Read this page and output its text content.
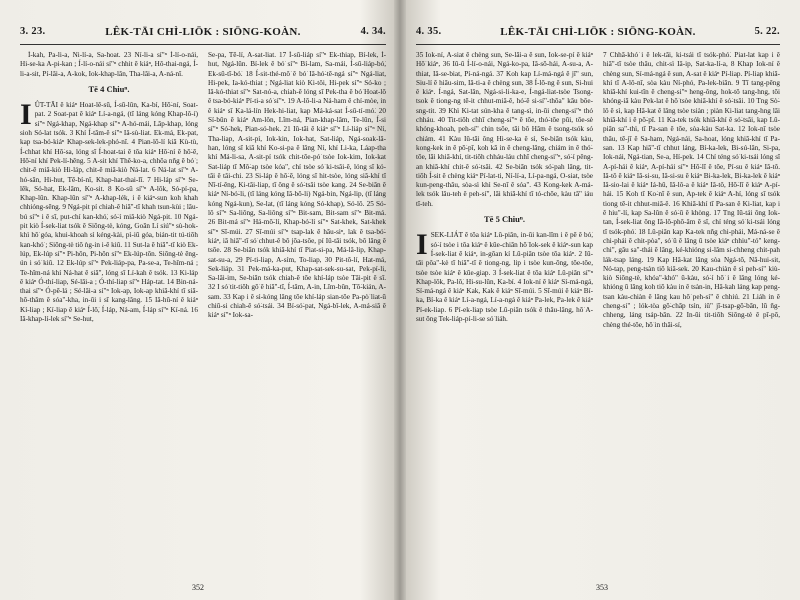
3. 23.	LÊK-TĀI CHÌ-LIŌK : SIŌNG-KOÀN.	4. 34.

Í-kah, Pa-li-a, Ni-lí-a, Sa-hoat. 23 Ní-li-a sí"ⁿ Í-lí-o-nái, Hi-se-ka A-pi-kan ; Í-lí-o-nái sí"ⁿ chhit ê kiáⁿ, Hô-thai-ngá, Í-li-a-sit, Pí-lâi-a, A-kok, Iok-khap-lân, Tha-lâi-a, A-ná-nî.

Tē 4 Chiuⁿ.

IÛT-TĀI ê kiáⁿ Hoat-lê-sū, Í-sū-lûn, Ka-bí, Hō͘-ní, Soat-pat. 2 Soat-pat ê kiáⁿ Lí-a-ngá, (tī láng kóng Khap-lô-í) sí"ⁿ Ngá-khap, Ngá-khap sí"ⁿ A-hó-mái, Lāp-khap, lóng sioh Só-lat tsók. 3 Khí Í-tām-ê sí"ⁿ Iâ-sù-liat. Ek-má, Ek-pat, kap tsa-bó-kiáⁿ Khap-sek-lek-phó-nî. 4 Pian-lō-lí kiā Kù-tù, Í-chhat khí Hō͘-sa, lóng sī Í-hoat-tai ê tōa kiáⁿ Hō͘-ní ê hō͘-ē, Hō͘-ní khí Pek-lí-hêng. 5 A-sit khí Thê-ko-a, chhōa nñg ê bó͘ ; chit-ê miâ-kiò Hi-láp, chit-ê miâ-kiò Ná-lat. 6 Ná-lat sí"ⁿ A-hó-sān, Hi-hut, Tē-bí-nî, Khap-hat-thai-lī. 7 Hi-láp sí"ⁿ Se-lêk, Só-hat, Ek-lâm, Ko-sit. 8 Ko-sū sí"ⁿ A-lôk, Só-pí-pa, Khap-lûn. Khap-lûn sí"ⁿ A-khap-lék, i ê kiáⁿ-sun koh khah chhióng-sēng. 9 Ngá-pit pí chiah-ê hiā"-tī khah tsun-kùi ; lâu-bú sí"ⁿ i ê sī, put-chí kan-khó͘, só͘-í miâ-kiò Ngá-pit. 10 Ngá-pit kiò Í-sek-liat tsók ê Siōng-tè, kóng, Goān Lí siú"ⁿ sù-hok-khì hō͘ góa, khui-khoah sì kéng-kài, pì-iū góa, bián-tit tú-tiōh kan-khó͘ ; Siōng-tè tiō ǹg-in i-ê kiû. 11 Sut-la ê hiā"-tī kiò Ek-lúp, Ek-lúp sí"ⁿ Pi-hôn, Pi-hôn sí"ⁿ Ek-lúp-tōn. Siōng-tè ēng-ún i só͘ kiû. 12 Ek-lúp sí"ⁿ Pek-liáp-pa, Pa-se-a, Te-hîm-ná ; Te-hîm-ná khí Ná-hat ê siā", lóng sī Lí-kah ê tsók. 13 Ki-láp ê kiáⁿ Ó-thí-liap, Sé-lâi-a ; Ó-thí-liap sí"ⁿ Háp-tat. 14 Bin-ná-thai sí"ⁿ Ó-pē-lá ; Sé-lâi-a sí"ⁿ Iok-ap, Iok-ap khiā-khí tī siā-hō-thâm ê sóa"-kha, in-ūi i sī kang-lâng. 15 Iâ-hū-ní ê kiáⁿ Kí-liap ; Kí-liap ê kiáⁿ Í-lō͘, Í-láp, Ná-am, Í-láp sí"ⁿ Kí-ná. 16 Iâ-khap-lí-lek sí"ⁿ Se-hut,

Se-pa, Tē-lí, A-sat-liat. 17 Í-sū-liáp sí"ⁿ Ek-thiap, Bí-lek, Í-hut, Ngá-lûn. Bí-lek ê bó͘ sí"ⁿ Bí-lam, Sa-mái, Í-sū-liáp-bó͘, Ek-sū-tī-bó͘. 18 Í-sit-thé-mô͘ ê bó͘ Iâ-hó͘-tē-ngá sí"ⁿ Ngá-liat, Hi-pek, Ia-kó-thiat ; Ngá-liat kiò Ki-tôi, Hi-pek sí"ⁿ Só-ko ; Iâ-kó-thiat sí"ⁿ Sat-nó-a, chiah-ê lóng sī Pek-tha ê bó͘ Hoat-lō ê tsa-bó-kiáⁿ Pí-ti-a só͘ sí"ⁿ. 19 A-lō-li-a Ná-ham ê chí-mòe, in ê kiáⁿ sī Ka-lá-lín Hek-hi-liat, kap Má-ká-sat Í-sū-tí-mó͘. 20 Sí-bûn ê kiáⁿ Am-lôn, Lîm-ná, Pian-khap-lâm, Te-lûn, Í-si sí"ⁿ Só͘-hek, Pian-só-hek. 21 Iû-tāi ê kiáⁿ sí"ⁿ Lí-liáp sí"ⁿ Ní, Tha-liap, A-sit-pí, Iok-kin, Iok-hat, Sat-liáp, Ngá-soak-lâ-han, lóng sī kiā khí Ko-si-pa ê lâng Ní, khí Li-ka, Láap-tha khí Má-li-sa, A-sit-pí tsók chit-tōe-pó͘ tsòe Iok-kim, Iok-kat Sat-liáp tī Mô͘-ap tsòe kóa", chí tsòe só͘ ki-tsâi-ê, lóng sī kó-tāi ê tâi-chi. 23 Si-láp ê hō͘-ē, lóng sī hit-tsòe, lóng siā-khí tī Nî-tí-êng, Ki-tāi-liap, tī ông ê só͘-tsâi tsòe kang. 24 Se-biān ê kiáⁿ Ní-bó͘-li, (tī láng kóng Iâ-bô-li) Ngá-bin, Ngá-lip, (tī láng kóng Ngá-kun), Se-lat, (tī láng kóng Só-khap), Só-lô. 25 Só-lô sí"ⁿ Sa-liông, Sa-liông sí"ⁿ Bit-sam, Bit-sam sí"ⁿ Bit-má. 26 Bit-má sí"ⁿ Há-mō͘-lí, Khap-bó͘-lí sí"ⁿ Sat-khek, Sat-khek sí"ⁿ Sī-múi. 27 Sī-múi sí"ⁿ tsap-lak ê hāu-siⁿ, lak ê tsa-bó͘-kiáⁿ, iā hiā"-tī só͘ chhut-ê bô jōa-tsōe, pí Iû-tāi tsók, bô lâng ê tsōe. 28 Se-biān tsók khiā-khí tī Piat-si-pa, Má-lâ-lip, Khap-sat-su-a, 29 Pí-ti-liap, A-sím, To-liap, 30 Pit-tō-lí, Hat-má, Sek-liáp. 31 Pek-má-ka-put, Khap-sat-sek-su-sat, Pek-pí-li, Sa-lâi-im, Se-biān tsók chiah-ê tōe khí-láp tsòe Tāi-pit ê sī. 32 I só͘ tit-tiōh gō͘ ê hiā"-tī, Í-tâm, A-in, Lîm-bûn, Tō͘-kián, A-sam. 33 Kap i ê sì-kóng lâng tōe khí-láp sian-tōe Pa-pò͘ liat-ū chiū-si chiah-ê só͘-tsái. 34 Bí-só͘-pat, Ngá-bî-lek, A-má-siā ê kiáⁿ sí"ⁿ Iok-sa-

352
4. 35.	LÊK-TĀI CHÌ-LIŌK : SIŌNG-KOÀN.	5. 22.

35 Iok-ní, A-siat ê chèng sun, Se-lāi-a ê sun, Iok-se-pí ê kiáⁿ Hō͘ kiáⁿ, 36 Iû-ū Í-lí-o-nái, Ngá-ko-pa, Iâ-sō-hái, A-su-a, A-thiat, Iâ-se-biat, Pí-ná-ngá. 37 Koh kap Lí-má-ngá ê jī" sun, Siu-lí ê hiāu-sim, Iâ-ti-a ê chèng sun, 38 Í-lō-ng ê sun, Si-hui ê kiáⁿ. Í-ngá, Sat-lân, Ngá-si-li-ka-e, Í-ngá-liat-tsòe Tsong-tsok ê tiong-ng tē-it chhut-miâ-ê, hó͘-ē si-sí"-thōa" kāu bōe-sng-tit. 39 Khì Ki-tat sún-kha ê tang-sì, in-ūi cheng-si"ⁿ thó chháu. 40 Tit-tiōh chhī cheng-sí"ⁿ ê tōe, thó͘-tōe pūi, tōe-sè khóng-khoah, peh-sí" chin tsōe, tāi bô Hâm ê tsong-tsók só͘ chiám. 41 Kàu Iû-tāi ông Hi-se-ka ê sì, Se-biān tsók kàu, kong-kek in ê pō͘-pī, koh kā in ê cheng-lâng, chiám in ê thó͘-tōe, lāi khiā-khí, tit-tiōh chháu-láu chhī cheng-si"ⁿ, só͘-í pêng-an khiā-khí chit-ê só͘-tsâi. 42 Se-biān tsók só͘-pah lâng, tit-tiōh Í-sit ê chèng kiáⁿ Pí-lat-ti, Ní-lí-a, Lí-pa-ngá, O-siat, tsòe kun-peng-thâu, sòa-sì khì Se-nī ê sóa". 43 Kong-kek A-má-lek tsók lâu-teh ê peh-sí", lāi khiā-khí tī tó-chōe, kàu tā" iáu tī-teh.

Tē 5 Chiuⁿ.

ISEK-LIÁT ê tōa kiáⁿ Lû-piân, in-ūi kan-lîm i ê pē ê bó͘, só͘-í tsòe i tōa kiáⁿ ê kūe-chiān hō͘ Iok-sek ê kiáⁿ-sun kap Í-sek-liat ê kiáⁿ, in-gōan kí Lû-piân tsòe tōa kiáⁿ. 2 Iû-tāi pôa"-kè tī hiā"-tī ê tiong-ng, lip i tsòe kun-ōng, tōe-tōe, tsòe tsòe kiáⁿ ê kūe-giap. 3 Í-sek-liat ê tōa kiáⁿ Lû-piân sí"ⁿ Khap-lôk, Pa-lô͘, Hi-su-lûn, Ka-bí. 4 Iok-ní ê kiáⁿ Sí-má-ngá, Sí-má-ngá ê kiáⁿ Kak, Kak ê kiáⁿ Sī-múi. 5 Sī-múi ê kiáⁿ Bí-ka, Bí-ka ê kiáⁿ Lí-a-ngá, Lí-a-ngá ê kiáⁿ Pa-lek, Pa-lek ê kiáⁿ Pí-ek-liap. 6 Pí-ek-liap tsòe Lû-piân tsók ê thâu-lâng, hō͘ A-sut ōng Tek-liáp-pí-li-se só͘ liáh.

7 Chhā-khó͘ i ê lek-tāi, ki-tsái tī tsók-phó͘. Piat-lat kap i ê hiā"-tī tsòe thâu, chit-sì Iâ-ip, Sat-ka-lí-a, 8 Khap Iok-ní ê chèng sun, Sí-má-ngá ê sun, A-sat ê kiáⁿ Pí-liap. Pí-liap khiā-khí tī A-lô-nī, sòa kàu Ní-phó, Pa-lek-biān. 9 Tī tang-pêng khiā-khí kui-tīn ê cheng-si"ⁿ heng-ông, hok-tō tang-hng, tōi khóng-iā kàu Pek-lat ê hō͘ tsòe khiā-khí ê só͘-tsâi. 10 Tng Sò͘-lô ê sì, kap Hâ-kat ê lâng tsòe tsiàn ; piàn Ki-liat tang-hng lāi khiā-khí i ê pō͘-pī. 11 Ka-tek tsók khiā-khí ê só͘-tsâi, kap Lû-piân sa"-thì, tī Pa-san ê tōe, sòa-kàu Sat-ka. 12 Iok-nī tsòe thâu, tē-jī ê Sa-ham, Ngá-nái, Sa-hoat, lóng khiā-khí tī Pa-san. 13 Kap hiā"-tī chhut láng, Bí-ka-lek, Bi-sú-lân, Si-pa, Iok-nái, Ngá-tian, Se-a, Hí-pek. 14 Chí téng só͘ ki-tsái lóng sī A-pí-hái ê kiáⁿ, A-pí-hái sí"ⁿ Hō͘-lī ê tōe, Pí-su ê kiáⁿ Iâ-tô. Iâ-tô ê kiáⁿ Iâ-si-su, Iâ-si-su ê kiáⁿ Bi-ka-lek, Bi-ka-lek ê kiáⁿ Iâ-sio-lai ê kiáⁿ Iá-hû, Iâ-lô-a ê kiáⁿ Iâ-tô, Hō͘-lī ê kiáⁿ A-pí-hái. 15 Koh tī Ko͘-nī ê sun, Ap-tek ê kiáⁿ A-hí, lóng sī tsók tiong tē-it chhut-miâ-ê. 16 Khiā-khí tī Pa-san ê Ki-liat, kap i ê hiu"-lí, kap Sa-lûn ê só͘-ū ê khòng. 17 Tng Iū-tái ông Iok-tan, Í-sek-liat ōng Iâ-lô-phō-âm ê sī, chí téng só͘ ki-tsái lóng tī tsók-phó͘. 18 Lû-piân kap Ka-tek nñg chi-phái, Má-ná-se ê chi-phái ê chit-pòa", só͘ ū ê lâng ū tsòe kiáⁿ chhiu"-tó" keng-chi", gâu sa"-thái ê lâng, ké-khióng si-lâm si-chheng chit-pah lák-tsap láng. 19 Kap Hâ-kat lâng sòa Ngá-tō, Nâ-hui-sit, Nó-tap, peng-tsàn tiō kiâ-sek. 20 Kau-chiàn ê sì peh-sí" kiù-kiò Siōng-tè, khóa"-khó" ū-kàu, só͘-í hō͘ i ê lâng lóng ké-khióng ū lâng koh tiō kàu in ê tsàn-in, Hâ-kah láng kap peng-tsan kàu-chiàn ê lâng kau hō͘ peh-sí" ê chhiú. 21 Liáh in ê cheng-si" ; lók-tòa gō͘-chāp tsìn, iû" jī-tsap-gō͘-bān, lū ñg-chheng, láng tsáp-bān. 22 In-ūi tit-tiōh Siōng-tè ê pī-pō, chèng thé-tōe, hō͘ in thāi-sí,

353
